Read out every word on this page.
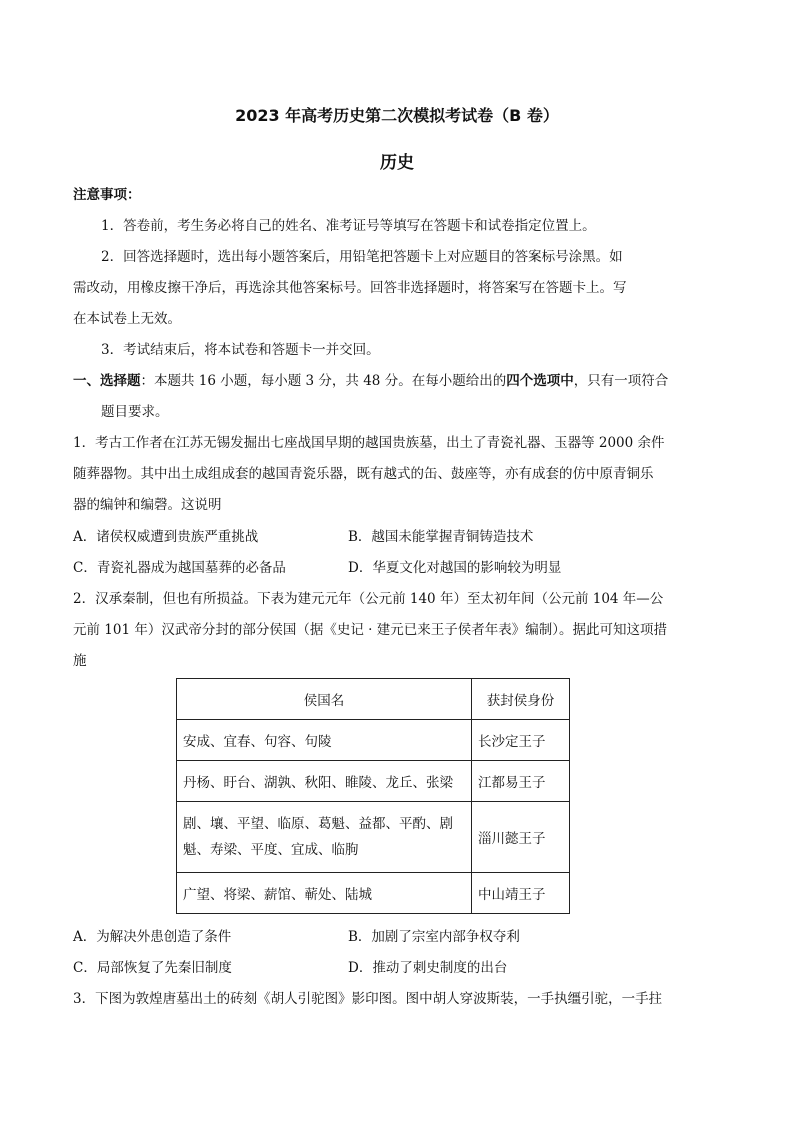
2023 年高考历史第二次模拟考试卷（B 卷）
历史
注意事项：
1．答卷前，考生务必将自己的姓名、准考证号等填写在答题卡和试卷指定位置上。
2．回答选择题时，选出每小题答案后，用铅笔把答题卡上对应题目的答案标号涂黑。如
需改动，用橡皮擦干净后，再选涂其他答案标号。回答非选择题时，将答案写在答题卡上。写
在本试卷上无效。
3．考试结束后，将本试卷和答题卡一并交回。
一、选择题：本题共 16 小题，每小题 3 分，共 48 分。在每小题给出的四个选项中，只有一项符合
题目要求。
1．考古工作者在江苏无锡发掘出七座战国早期的越国贵族墓，出土了青瓷礼器、玉器等 2000 余件
随葬器物。其中出土成组成套的越国青瓷乐器，既有越式的缶、鼓座等，亦有成套的仿中原青铜乐
器的编钟和编磬。这说明
A．诸侯权威遭到贵族严重挑战	B．越国未能掌握青铜铸造技术
C．青瓷礼器成为越国墓葬的必备品	D．华夏文化对越国的影响较为明显
2．汉承秦制，但也有所损益。下表为建元元年（公元前 140 年）至太初年间（公元前 104 年—公
元前 101 年）汉武帝分封的部分侯国（据《史记 · 建元已来王子侯者年表》编制）。据此可知这项措
施
侯国名	获封侯身份
安成、宜春、句容、句陵	长沙定王子
丹杨、盱台、湖孰、秋阳、睢陵、龙丘、张梁	江都易王子

剧、壤、平望、临原、葛魁、益都、平酌、剧
魁、寿梁、平度、宜成、临朐	淄川懿王子
广望、将梁、薪馆、蕲处、陆城	中山靖王子
A．为解决外患创造了条件	B．加剧了宗室内部争权夺利
C．局部恢复了先秦旧制度	D．推动了刺史制度的出台
3．下图为敦煌唐墓出土的砖刻《胡人引驼图》影印图。图中胡人穿波斯装，一手执缰引驼，一手拄
